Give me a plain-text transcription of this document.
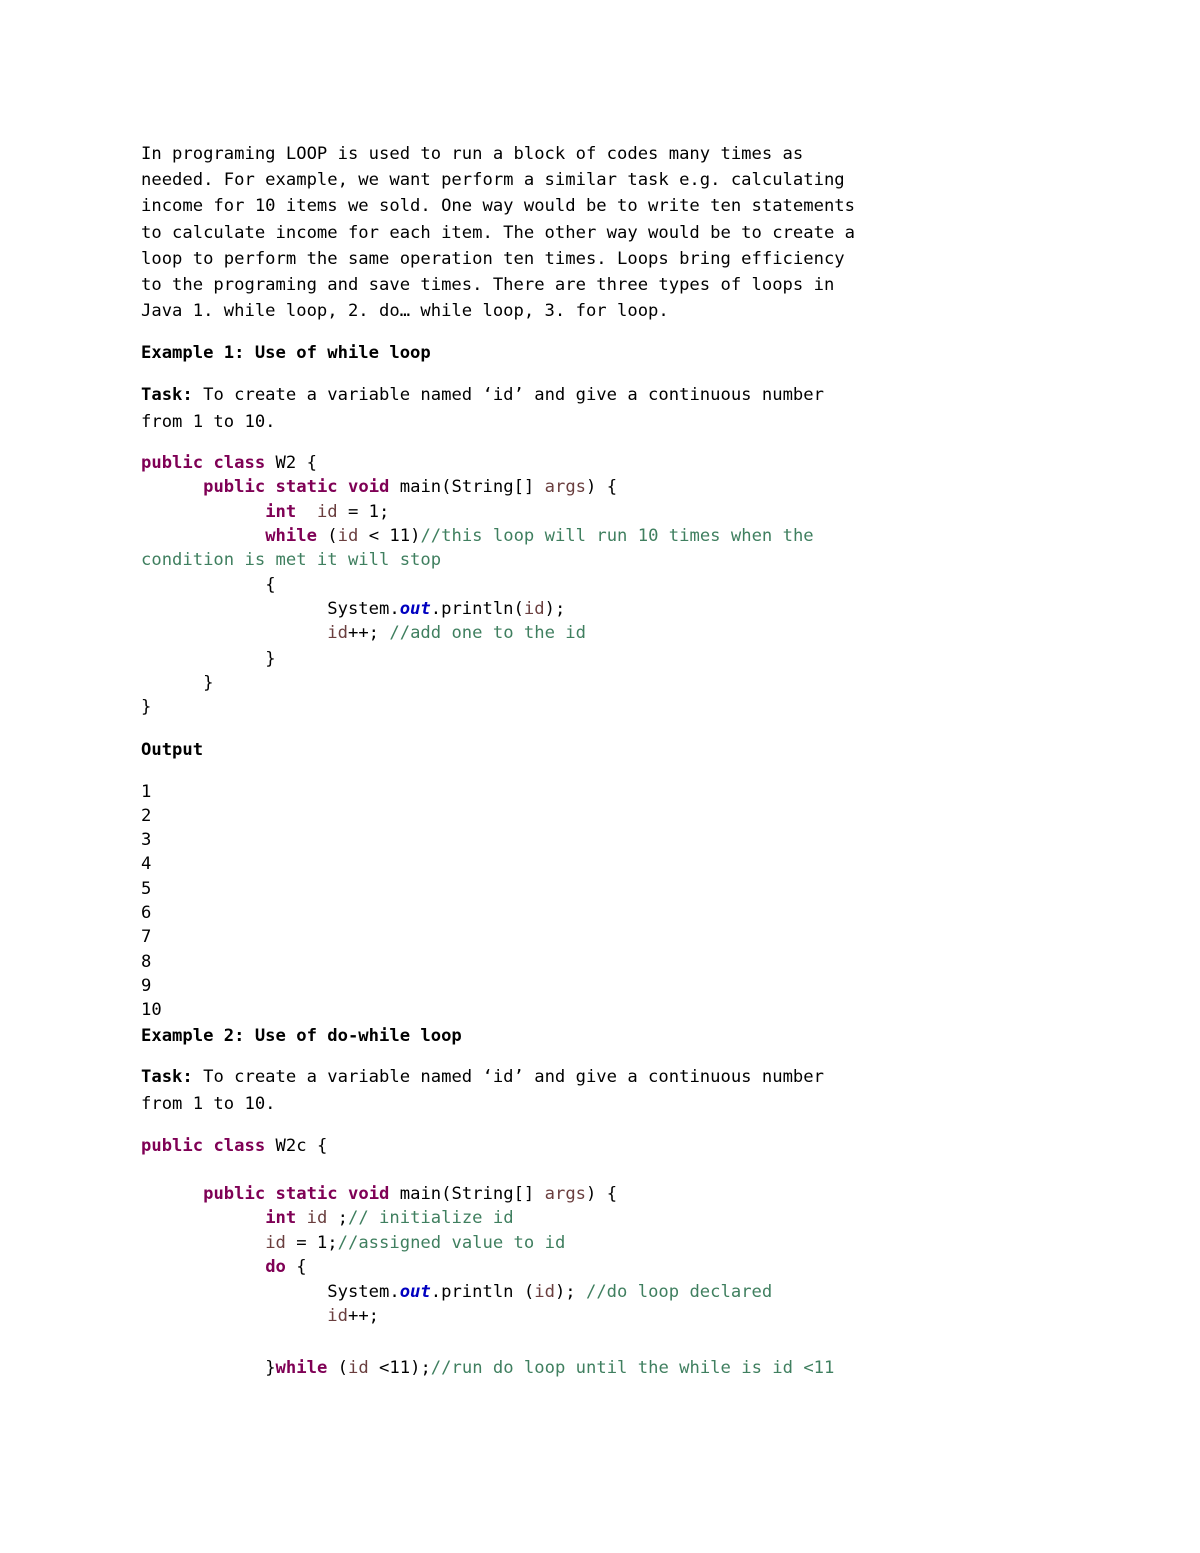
In programing LOOP is used to run a block of codes many times as
needed. For example, we want perform a similar task e.g. calculating
income for 10 items we sold. One way would be to write ten statements
to calculate income for each item. The other way would be to create a
loop to perform the same operation ten times. Loops bring efficiency
to the programing and save times. There are three types of loops in
Java 1. while loop, 2. do… while loop, 3. for loop.
Example 1: Use of while loop
Task: To create a variable named ‘id’ and give a continuous number
from 1 to 10.
public class W2 {
public static void main(String[] args) {
int id = 1;
while (id < 11)//this loop will run 10 times when the
condition is met it will stop
{
System.out.println(id);
id++; //add one to the id
}
}
}
Output
1
2
3
4
5
6
7
8
9
10
Example 2: Use of do-while loop
Task: To create a variable named ‘id’ and give a continuous number
from 1 to 10.
public class W2c {
public static void main(String[] args) {
int id ;// initialize id
id = 1;//assigned value to id
do {
System.out.println (id); //do loop declared
id++;
}while (id <11);//run do loop until the while is id <11
